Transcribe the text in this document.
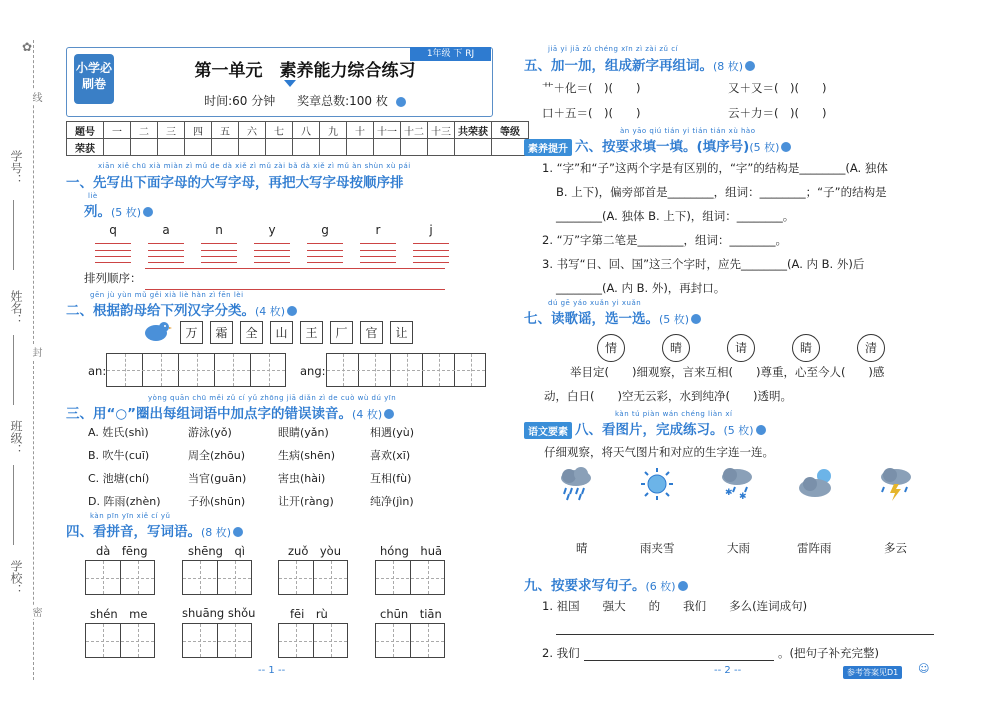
✿
线
学号：
姓名：
封
班级：
学校：
密
小学必刷卷
1年级 下 RJ
第一单元　素养能力综合练习
时间:60 分钟 奖章总数:100 枚
题号	一	二	三	四	五	六	七	八	九	十	十一	十二	十三	共荣获	等级
荣获															
xiān xiě chū xià miàn zì mǔ de dà xiě zì mǔ zài bǎ dà xiě zì mǔ àn shùn xù pái
一、先写出下面字母的大写字母，再把大写字母按顺序排
liè
列。(5 枚)
q	a	n	y	g	r	j
排列顺序：
gēn jù yùn mǔ gěi xià liè hàn zì fēn lèi
二、根据韵母给下列汉字分类。(4 枚)
万	霜	全	山	王	厂	官	让
an:	ang:
yòng quān chū měi zǔ cí yǔ zhōng jiā diǎn zì de cuò wù dú yīn
三、用“○”圈出每组词语中加点字的错误读音。(4 枚)
A. 姓氏(shì)	游泳(yǒ)	眼睛(yǎn)	相遇(yù)
B. 吹牛(cuī)	周全(zhōu)	生病(shēn)	喜欢(xī)
C. 池塘(chí)	当官(guān)	害虫(hài)	互相(fù)
D. 阵雨(zhèn) 子孙(shūn)	让开(ràng)	纯净(jìn)
kàn pīn yīn xiě cí yǔ
四、看拼音，写词语。(8 枚)
dà　fēng	shēng　qì	zuǒ　yòu	hóng　huā
shén　me	shuāng shǒu	fēi　rù	chūn　tiān
-- 1 --
jiā yi jiā zǔ chéng xīn zì zài zǔ cí
五、加一加，组成新字再组词。(8 枚)
艹＋化＝(　)(　　)	又＋又＝(　)(　　)
口＋五＝(　)(　　)	云＋力＝(　)(　　)
àn yāo qiú tián yi tián tián xù hào
素养提升 六、按要求填一填。(填序号)(5 枚)
1. “字”和“子”这两个字是有区别的，“字”的结构是________(A. 独体
B. 上下)，偏旁部首是________，组词：________；“子”的结构是
________(A. 独体 B. 上下)，组词：________。
2. “万”字第二笔是________，组词：________。
3. 书写“日、回、国”这三个字时，应先________(A. 内 B. 外)后
________(A. 内 B. 外)，再封口。
dú gē yáo xuǎn yi xuǎn
七、读歌谣，选一选。(5 枚)
情	晴	请	睛	清
举目定(　　)细观察，言来互相(　　)尊重，心至今人(　　)感
动，白日(　　)空无云彩，水到纯净(　　)透明。
kàn tú piàn wán chéng liàn xí
语文要素 八、看图片，完成练习。(5 枚)
仔细观察，将天气图片和对应的生字连一连。
✱ ✱
晴	雨夹雪	大雨	雷阵雨	多云
九、按要求写句子。(6 枚)
1. 祖国　　强大　　的　　我们　　多么(连词成句)
2. 我们	。(把句子补充完整)
-- 2 --	参考答案见D1	☺
